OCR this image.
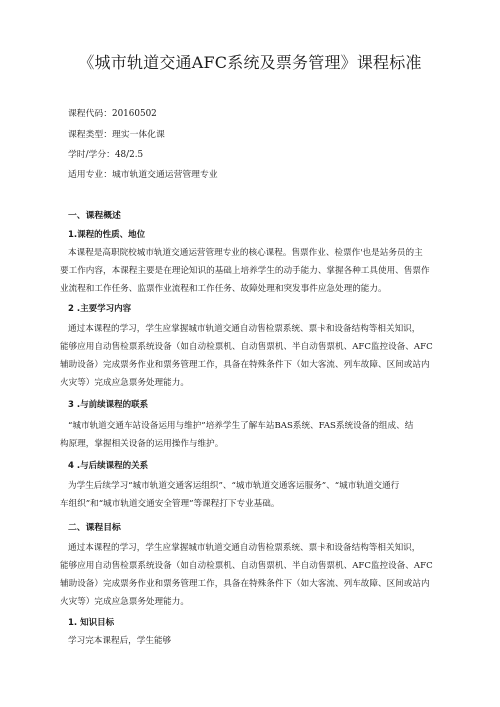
《城市轨道交通AFC系统及票务管理》课程标准
课程代码：20160502
课程类型：理实一体化课
学时/学分：48/2.5
适用专业：城市轨道交通运营管理专业
一、课程概述
1.课程的性质、地位
本课程是高职院校城市轨道交通运营管理专业的核心课程。售票作业、检票作'也是站务员的主
要工作内容，本课程主要是在理论知识的基础上培养学生的动手能力、掌握各种工具使用、售票作
业流程和工作任务、监票作业流程和工作任务、故障处理和突发事件应急处理的能力。
2 .主要学习内容
通过本课程的学习，学生应掌握城市轨道交通自动售检票系统、票卡和设备结构等相关知识，
能够应用自动售检票系统设备（如自动检票机、自动售票机、半自动售票机、AFC监控设备、AFC
辅助设备）完成票务作业和票务管理工作，具备在特殊条件下（如大客流、列车故障、区间或站内
火灾等）完成应急票务处理能力。
3 .与前续课程的联系
“城市轨道交通车站设备运用与维护”培养学生了解车站BAS系统、FAS系统设备的组成、结
构原理，掌握相关设备的运用操作与维护。
4 .与后续课程的关系
为学生后续学习“城市轨道交通客运组织”、“城市轨道交通客运服务”、“城市轨道交通行
车组织”和“城市轨道交通安全管理”等课程打下专业基础。
二、课程目标
通过本课程的学习，学生应掌握城市轨道交通自动售检票系统、票卡和设备结构等相关知识，
能够应用自动售检票系统设备（如自动检票机、自动售票机、半自动售票机、AFC监控设备、AFC
辅助设备）完成票务作业和票务管理工作，具备在特殊条件下（如大客流、列车故障、区间或站内
火灾等）完成应急票务处理能力。
1. 知识目标
学习完本课程后，学生能够
